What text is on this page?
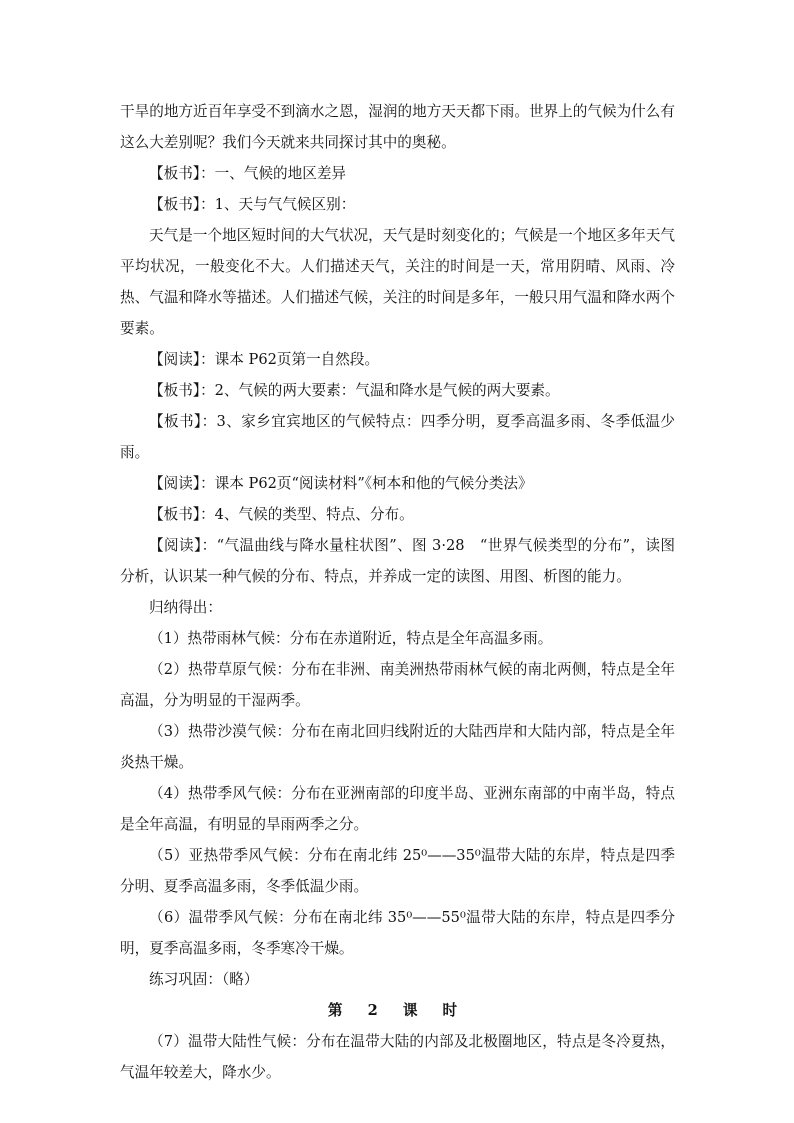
干旱的地方近百年享受不到滴水之恩，湿润的地方天天都下雨。世界上的气候为什么有这么大差别呢？我们今天就来共同探讨其中的奥秘。

【板书】：一、气候的地区差异

【板书】：1、天与气气候区别：

天气是一个地区短时间的大气状况，天气是时刻变化的；气候是一个地区多年天气平均状况，一般变化不大。人们描述天气，关注的时间是一天，常用阴晴、风雨、冷热、气温和降水等描述。人们描述气候，关注的时间是多年，一般只用气温和降水两个要素。

【阅读】：课本 P62页第一自然段。

【板书】：2、气候的两大要素：气温和降水是气候的两大要素。

【板书】：3、家乡宜宾地区的气候特点：四季分明，夏季高温多雨、冬季低温少雨。

【阅读】：课本 P62页“阅读材料”《柯本和他的气候分类法》

【板书】：4、气候的类型、特点、分布。

【阅读】：“气温曲线与降水量柱状图”、图 3·28　“世界气候类型的分布”，读图分析，认识某一种气候的分布、特点，并养成一定的读图、用图、析图的能力。

归纳得出：

（1）热带雨林气候：分布在赤道附近，特点是全年高温多雨。

（2）热带草原气候：分布在非洲、南美洲热带雨林气候的南北两侧，特点是全年高温，分为明显的干湿两季。

（3）热带沙漠气候：分布在南北回归线附近的大陆西岸和大陆内部，特点是全年炎热干燥。

（4）热带季风气候：分布在亚洲南部的印度半岛、亚洲东南部的中南半岛，特点是全年高温，有明显的旱雨两季之分。

（5）亚热带季风气候：分布在南北纬 25⁰——35⁰温带大陆的东岸，特点是四季分明、夏季高温多雨，冬季低温少雨。

（6）温带季风气候：分布在南北纬 35⁰——55⁰温带大陆的东岸，特点是四季分明，夏季高温多雨，冬季寒冷干燥。

练习巩固：（略）

第 2 课 时

（7）温带大陆性气候：分布在温带大陆的内部及北极圈地区，特点是冬冷夏热，气温年较差大，降水少。
